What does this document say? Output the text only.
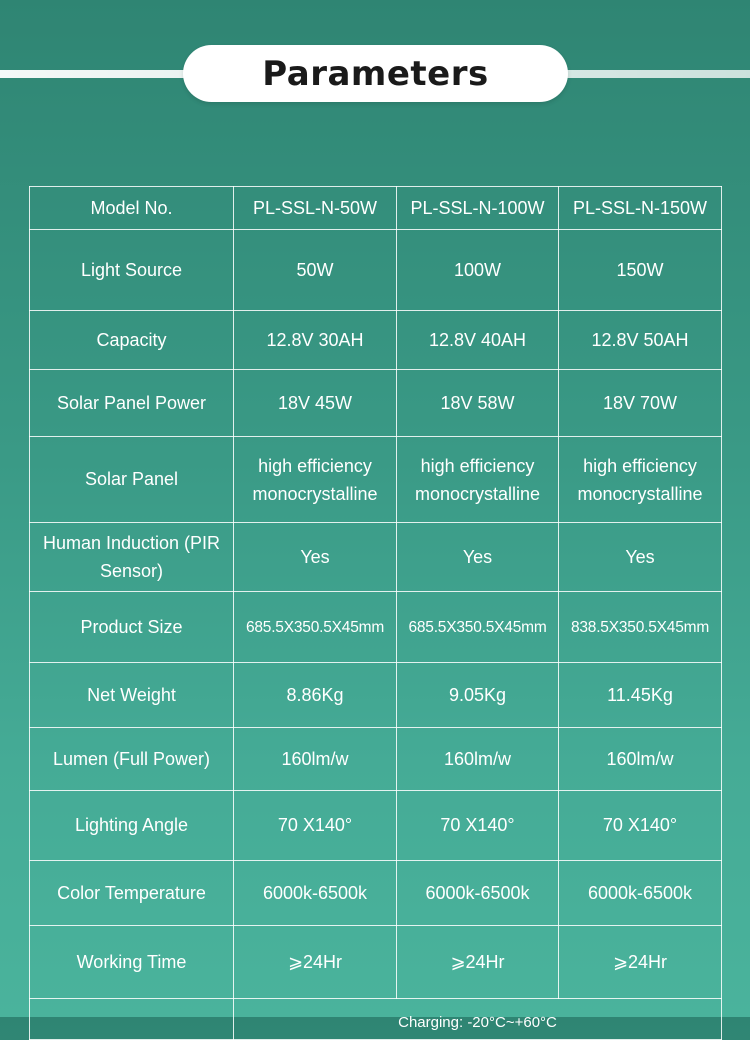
Parameters
Model No.	PL-SSL-N-50W	PL-SSL-N-100W	PL-SSL-N-150W
Light Source	50W	100W	150W
Capacity	12.8V 30AH	12.8V 40AH	12.8V 50AH
Solar Panel Power	18V 45W	18V 58W	18V 70W
Solar Panel	high efficiency monocrystalline	high efficiency monocrystalline	high efficiency monocrystalline
Human Induction (PIR Sensor)	Yes	Yes	Yes
Product Size	685.5X350.5X45mm	685.5X350.5X45mm	838.5X350.5X45mm
Net Weight	8.86Kg	9.05Kg	11.45Kg
Lumen (Full Power)	160lm/w	160lm/w	160lm/w
Lighting Angle	70 X140°	70 X140°	70 X140°
Color Temperature	6000k-6500k	6000k-6500k	6000k-6500k
Working Time	⩾24Hr	⩾24Hr	⩾24Hr

	Charging: -20°C~+60°C		
